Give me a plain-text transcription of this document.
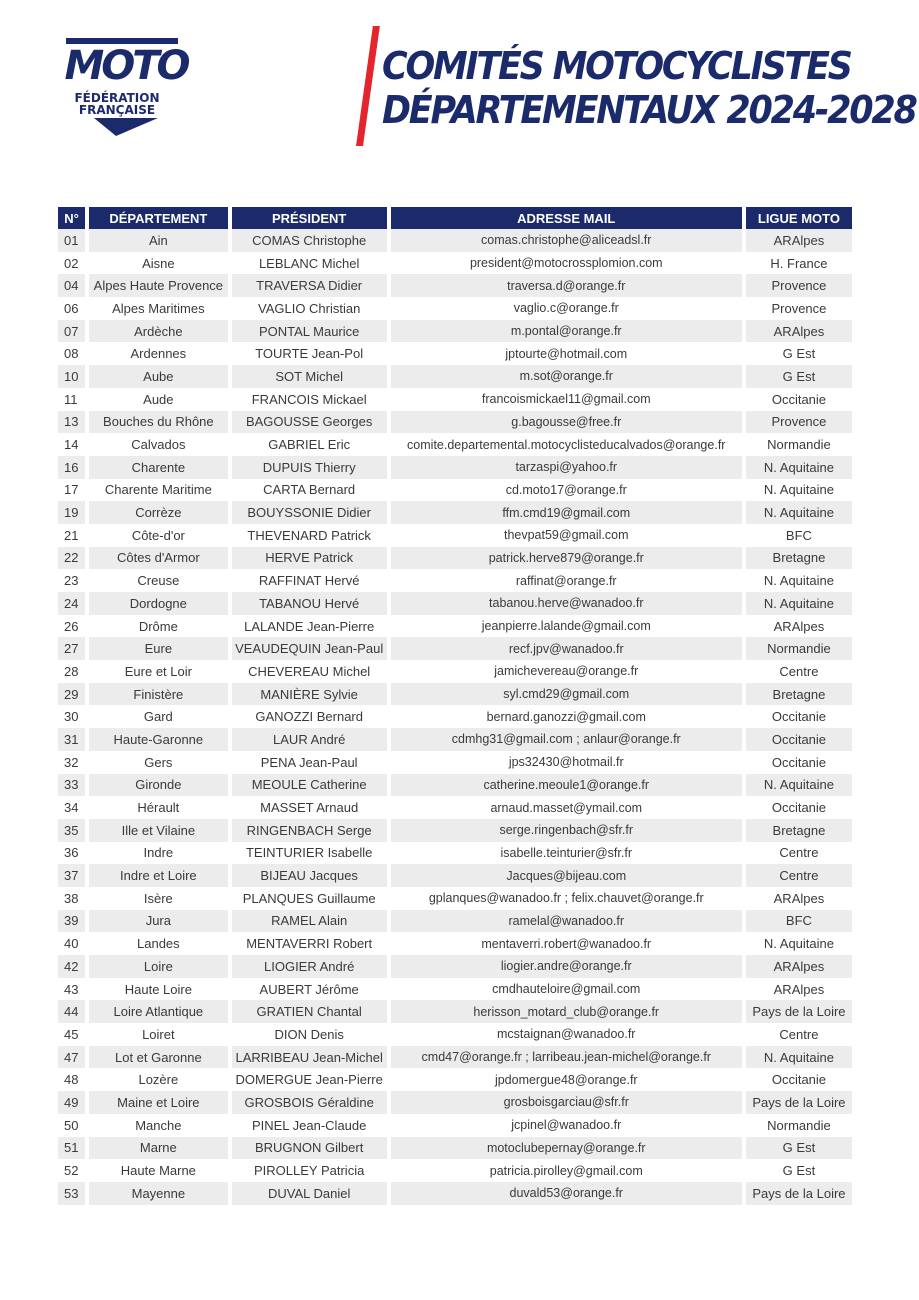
MOTO
FÉDÉRATION
FRANÇAISE
COMITÉS MOTOCYCLISTES
DÉPARTEMENTAUX 2024-2028
N°	DÉPARTEMENT	PRÉSIDENT	ADRESSE MAIL	LIGUE MOTO
01	Ain	COMAS Christophe	comas.christophe@aliceadsl.fr	ARAlpes
02	Aisne	LEBLANC Michel	president@motocrossplomion.com	H. France
04	Alpes Haute Provence	TRAVERSA Didier	traversa.d@orange.fr	Provence
06	Alpes Maritimes	VAGLIO Christian	vaglio.c@orange.fr	Provence
07	Ardèche	PONTAL Maurice	m.pontal@orange.fr	ARAlpes
08	Ardennes	TOURTE Jean-Pol	jptourte@hotmail.com	G Est
10	Aube	SOT Michel	m.sot@orange.fr	G Est
11	Aude	FRANCOIS Mickael	francoismickael11@gmail.com	Occitanie
13	Bouches du Rhône	BAGOUSSE Georges	g.bagousse@free.fr	Provence
14	Calvados	GABRIEL Eric	comite.departemental.motocyclisteducalvados@orange.fr	Normandie
16	Charente	DUPUIS Thierry	tarzaspi@yahoo.fr	N. Aquitaine
17	Charente Maritime	CARTA Bernard	cd.moto17@orange.fr	N. Aquitaine
19	Corrèze	BOUYSSONIE Didier	ffm.cmd19@gmail.com	N. Aquitaine
21	Côte-d'or	THEVENARD Patrick	thevpat59@gmail.com	BFC
22	Côtes d'Armor	HERVE Patrick	patrick.herve879@orange.fr	Bretagne
23	Creuse	RAFFINAT Hervé	raffinat@orange.fr	N. Aquitaine
24	Dordogne	TABANOU Hervé	tabanou.herve@wanadoo.fr	N. Aquitaine
26	Drôme	LALANDE Jean-Pierre	jeanpierre.lalande@gmail.com	ARAlpes
27	Eure	VEAUDEQUIN Jean-Paul	recf.jpv@wanadoo.fr	Normandie
28	Eure et Loir	CHEVEREAU Michel	jamichevereau@orange.fr	Centre
29	Finistère	MANIÈRE Sylvie	syl.cmd29@gmail.com	Bretagne
30	Gard	GANOZZI Bernard	bernard.ganozzi@gmail.com	Occitanie
31	Haute-Garonne	LAUR André	cdmhg31@gmail.com ; anlaur@orange.fr	Occitanie
32	Gers	PENA Jean-Paul	jps32430@hotmail.fr	Occitanie
33	Gironde	MEOULE Catherine	catherine.meoule1@orange.fr	N. Aquitaine
34	Hérault	MASSET Arnaud	arnaud.masset@ymail.com	Occitanie
35	Ille et Vilaine	RINGENBACH Serge	serge.ringenbach@sfr.fr	Bretagne
36	Indre	TEINTURIER Isabelle	isabelle.teinturier@sfr.fr	Centre
37	Indre et Loire	BIJEAU Jacques	Jacques@bijeau.com	Centre
38	Isère	PLANQUES Guillaume	gplanques@wanadoo.fr ; felix.chauvet@orange.fr	ARAlpes
39	Jura	RAMEL Alain	ramelal@wanadoo.fr	BFC
40	Landes	MENTAVERRI Robert	mentaverri.robert@wanadoo.fr	N. Aquitaine
42	Loire	LIOGIER André	liogier.andre@orange.fr	ARAlpes
43	Haute Loire	AUBERT Jérôme	cmdhauteloire@gmail.com	ARAlpes
44	Loire Atlantique	GRATIEN Chantal	herisson_motard_club@orange.fr	Pays de la Loire
45	Loiret	DION Denis	mcstaignan@wanadoo.fr	Centre
47	Lot et Garonne	LARRIBEAU Jean-Michel	cmd47@orange.fr ; larribeau.jean-michel@orange.fr	N. Aquitaine
48	Lozère	DOMERGUE Jean-Pierre	jpdomergue48@orange.fr	Occitanie
49	Maine et Loire	GROSBOIS Géraldine	grosboisgarciau@sfr.fr	Pays de la Loire
50	Manche	PINEL Jean-Claude	jcpinel@wanadoo.fr	Normandie
51	Marne	BRUGNON Gilbert	motoclubepernay@orange.fr	G Est
52	Haute Marne	PIROLLEY Patricia	patricia.pirolley@gmail.com	G Est
53	Mayenne	DUVAL Daniel	duvald53@orange.fr	Pays de la Loire
